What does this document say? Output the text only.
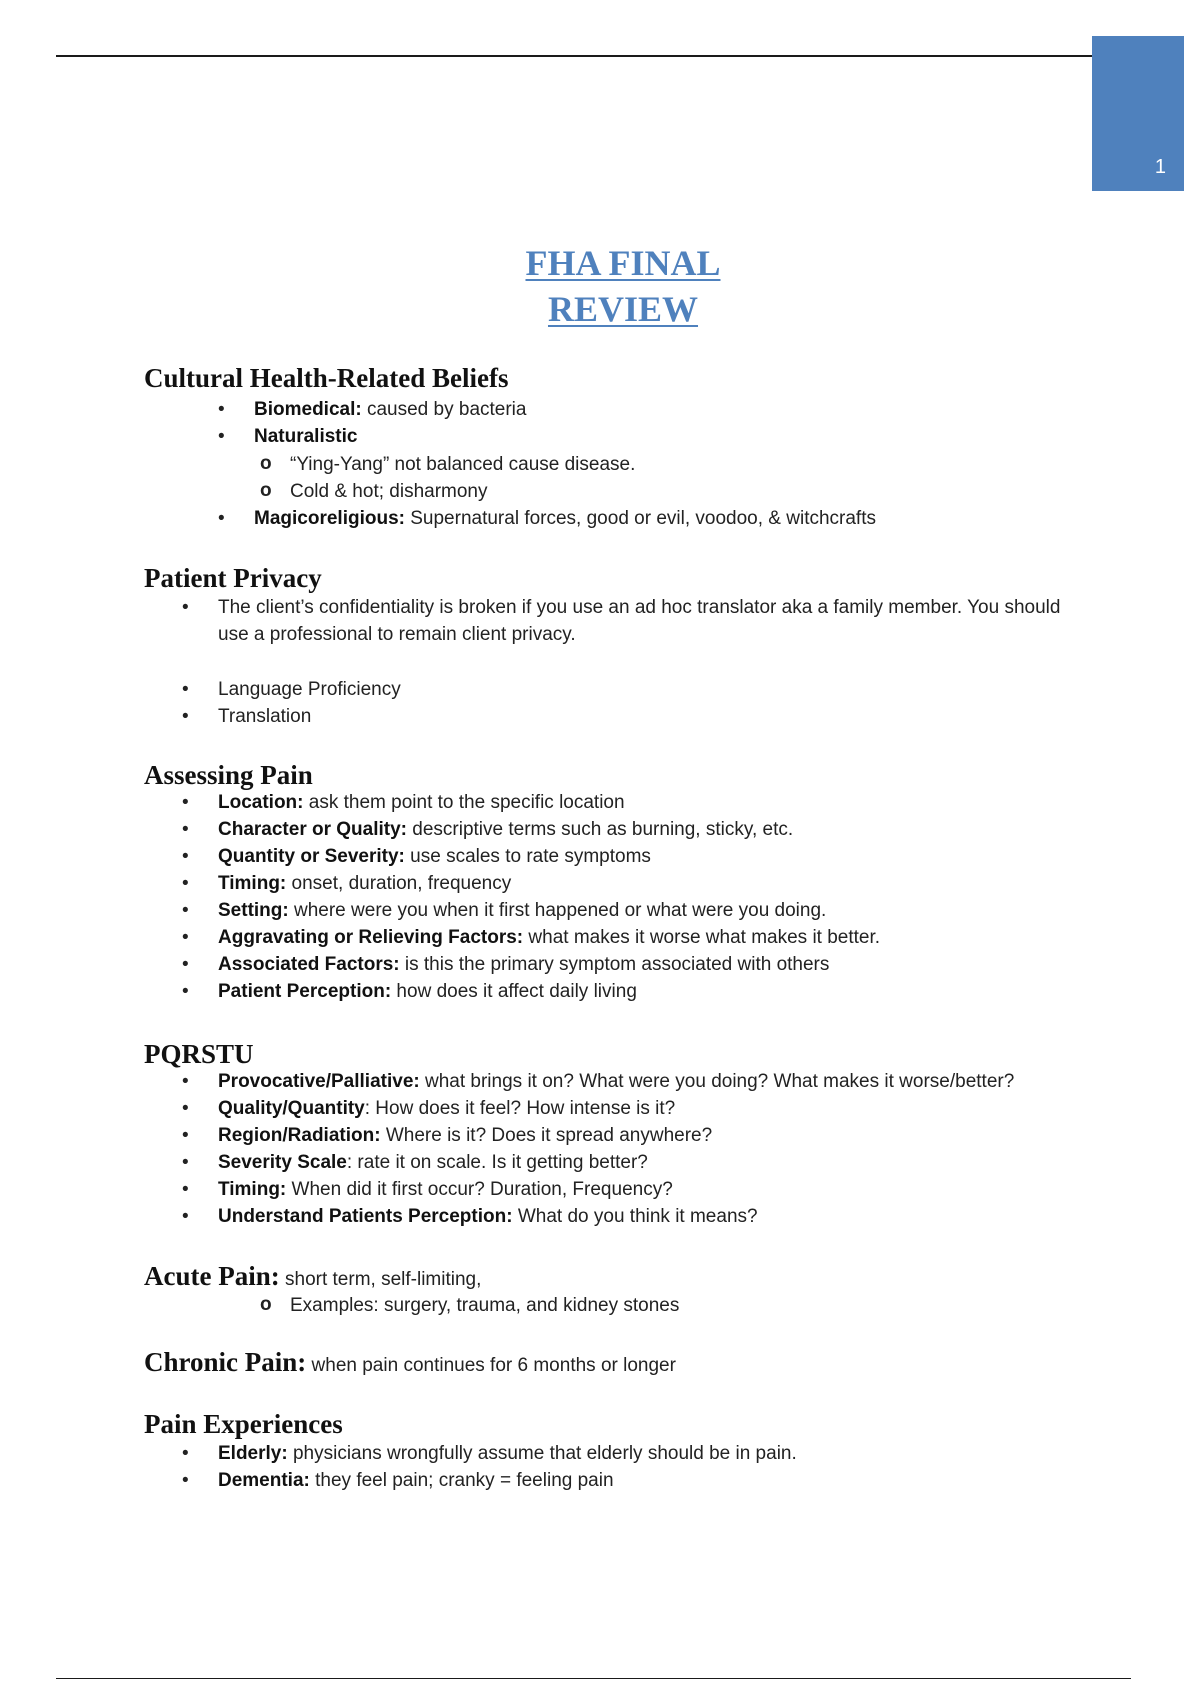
1
FHA FINAL
REVIEW
Cultural Health-Related Beliefs
• Biomedical: caused by bacteria
• Naturalistic
o “Ying-Yang” not balanced cause disease.
o Cold & hot; disharmony
• Magicoreligious: Supernatural forces, good or evil, voodoo, & witchcrafts
Patient Privacy
• The client’s confidentiality is broken if you use an ad hoc translator aka a family member. You should use a professional to remain client privacy.
• Language Proficiency
• Translation
Assessing Pain
• Location: ask them point to the specific location
• Character or Quality: descriptive terms such as burning, sticky, etc.
• Quantity or Severity: use scales to rate symptoms
• Timing: onset, duration, frequency
• Setting: where were you when it first happened or what were you doing.
• Aggravating or Relieving Factors: what makes it worse what makes it better.
• Associated Factors: is this the primary symptom associated with others
• Patient Perception: how does it affect daily living
PQRSTU
• Provocative/Palliative: what brings it on? What were you doing? What makes it worse/better?
• Quality/Quantity: How does it feel? How intense is it?
• Region/Radiation: Where is it? Does it spread anywhere?
• Severity Scale: rate it on scale. Is it getting better?
• Timing: When did it first occur? Duration, Frequency?
• Understand Patients Perception: What do you think it means?
Acute Pain: short term, self-limiting,
o Examples: surgery, trauma, and kidney stones
Chronic Pain: when pain continues for 6 months or longer
Pain Experiences
• Elderly: physicians wrongfully assume that elderly should be in pain.
• Dementia: they feel pain; cranky = feeling pain
